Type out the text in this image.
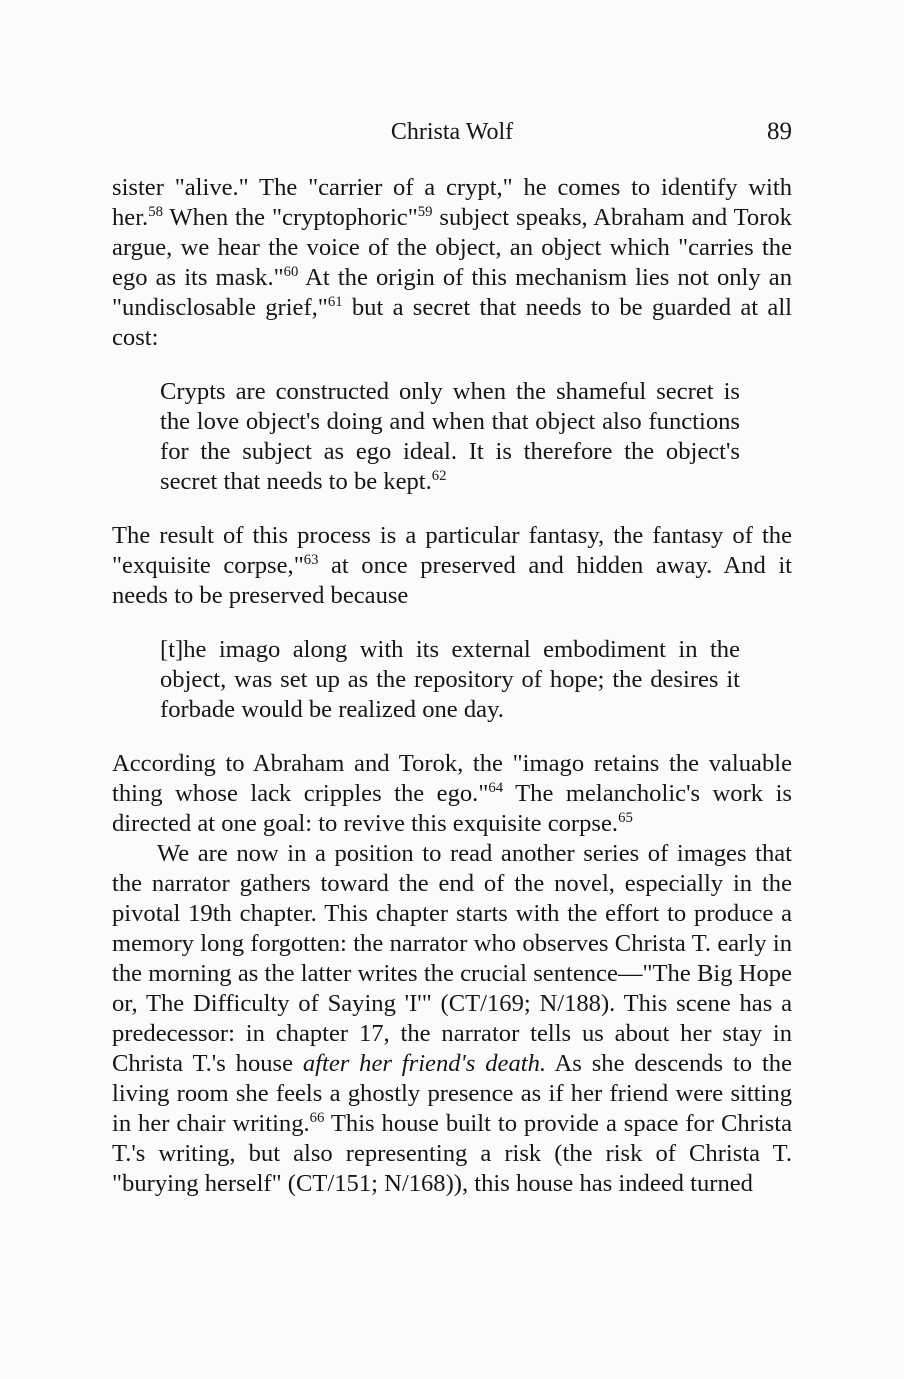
Christa Wolf	89

sister "alive." The "carrier of a crypt," he comes to identify with her.$^{58}$ When the "cryptophoric"$^{59}$ subject speaks, Abraham and Torok argue, we hear the voice of the object, an object which "carries the ego as its mask."$^{60}$ At the origin of this mechanism lies not only an "undisclosable grief,"$^{61}$ but a secret that needs to be guarded at all cost:

Crypts are constructed only when the shameful secret is the love object's doing and when that object also functions for the subject as ego ideal. It is therefore the object's secret that needs to be kept.$^{62}$

The result of this process is a particular fantasy, the fantasy of the "exquisite corpse,"$^{63}$ at once preserved and hidden away. And it needs to be preserved because

[t]he imago along with its external embodiment in the object, was set up as the repository of hope; the desires it forbade would be realized one day.

According to Abraham and Torok, the "imago retains the valuable thing whose lack cripples the ego."$^{64}$ The melancholic's work is directed at one goal: to revive this exquisite corpse.$^{65}$

We are now in a position to read another series of images that the narrator gathers toward the end of the novel, especially in the pivotal 19th chapter. This chapter starts with the effort to produce a memory long forgotten: the narrator who observes Christa T. early in the morning as the latter writes the crucial sentence—"The Big Hope or, The Difficulty of Saying 'I'" (CT/169; N/188). This scene has a predecessor: in chapter 17, the narrator tells us about her stay in Christa T.'s house after her friend's death. As she descends to the living room she feels a ghostly presence as if her friend were sitting in her chair writing.$^{66}$ This house built to provide a space for Christa T.'s writing, but also representing a risk (the risk of Christa T. "burying herself" (CT/151; N/168)), this house has indeed turned
